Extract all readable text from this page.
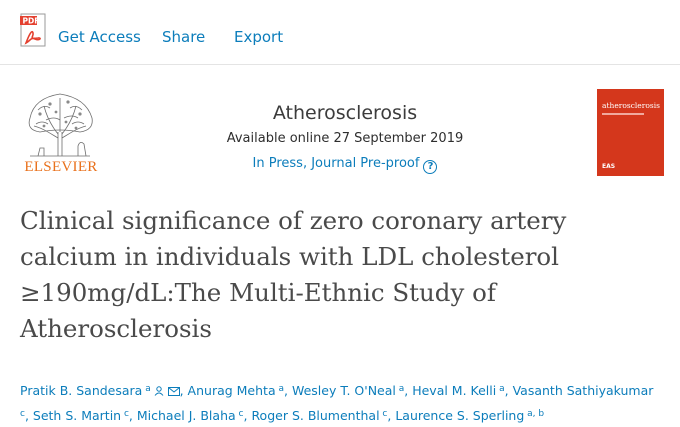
PDF
Get Access Share Export
ELSEVIER
Atherosclerosis
Available online 27 September 2019
In Press, Journal Pre-proof ?
atherosclerosis
EAS
Clinical significance of zero coronary artery calcium in individuals with LDL cholesterol ≥190mg/dL:The Multi-Ethnic Study of Atherosclerosis
Pratik B. Sandesara $^a$ , Anurag Mehta $^a$, Wesley T. O'Neal $^a$, Heval M. Kelli $^a$, Vasanth Sathiyakumar $^c$, Seth S. Martin $^c$, Michael J. Blaha $^c$, Roger S. Blumenthal $^c$, Laurence S. Sperling $^{a, b}$
